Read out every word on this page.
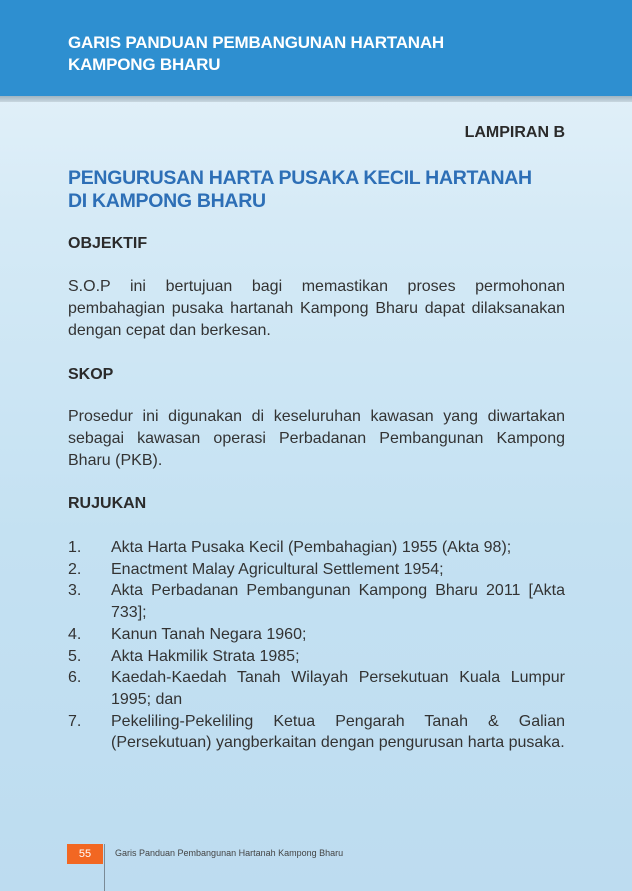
GARIS PANDUAN PEMBANGUNAN HARTANAH
KAMPONG BHARU
LAMPIRAN B
PENGURUSAN HARTA PUSAKA KECIL HARTANAH
DI KAMPONG BHARU
OBJEKTIF
S.O.P ini bertujuan bagi memastikan proses permohonan pembahagian pusaka hartanah Kampong Bharu dapat dilaksanakan dengan cepat dan berkesan.
SKOP
Prosedur ini digunakan di keseluruhan kawasan yang diwartakan sebagai kawasan operasi Perbadanan Pembangunan Kampong Bharu (PKB).
RUJUKAN
1. Akta Harta Pusaka Kecil (Pembahagian) 1955 (Akta 98);
2. Enactment Malay Agricultural Settlement 1954;
3. Akta Perbadanan Pembangunan Kampong Bharu 2011 [Akta 733];
4. Kanun Tanah Negara 1960;
5. Akta Hakmilik Strata 1985;
6. Kaedah-Kaedah Tanah Wilayah Persekutuan Kuala Lumpur 1995; dan
7. Pekeliling-Pekeliling Ketua Pengarah Tanah & Galian (Persekutuan) yangberkaitan dengan pengurusan harta pusaka.
55	Garis Panduan Pembangunan Hartanah Kampong Bharu
